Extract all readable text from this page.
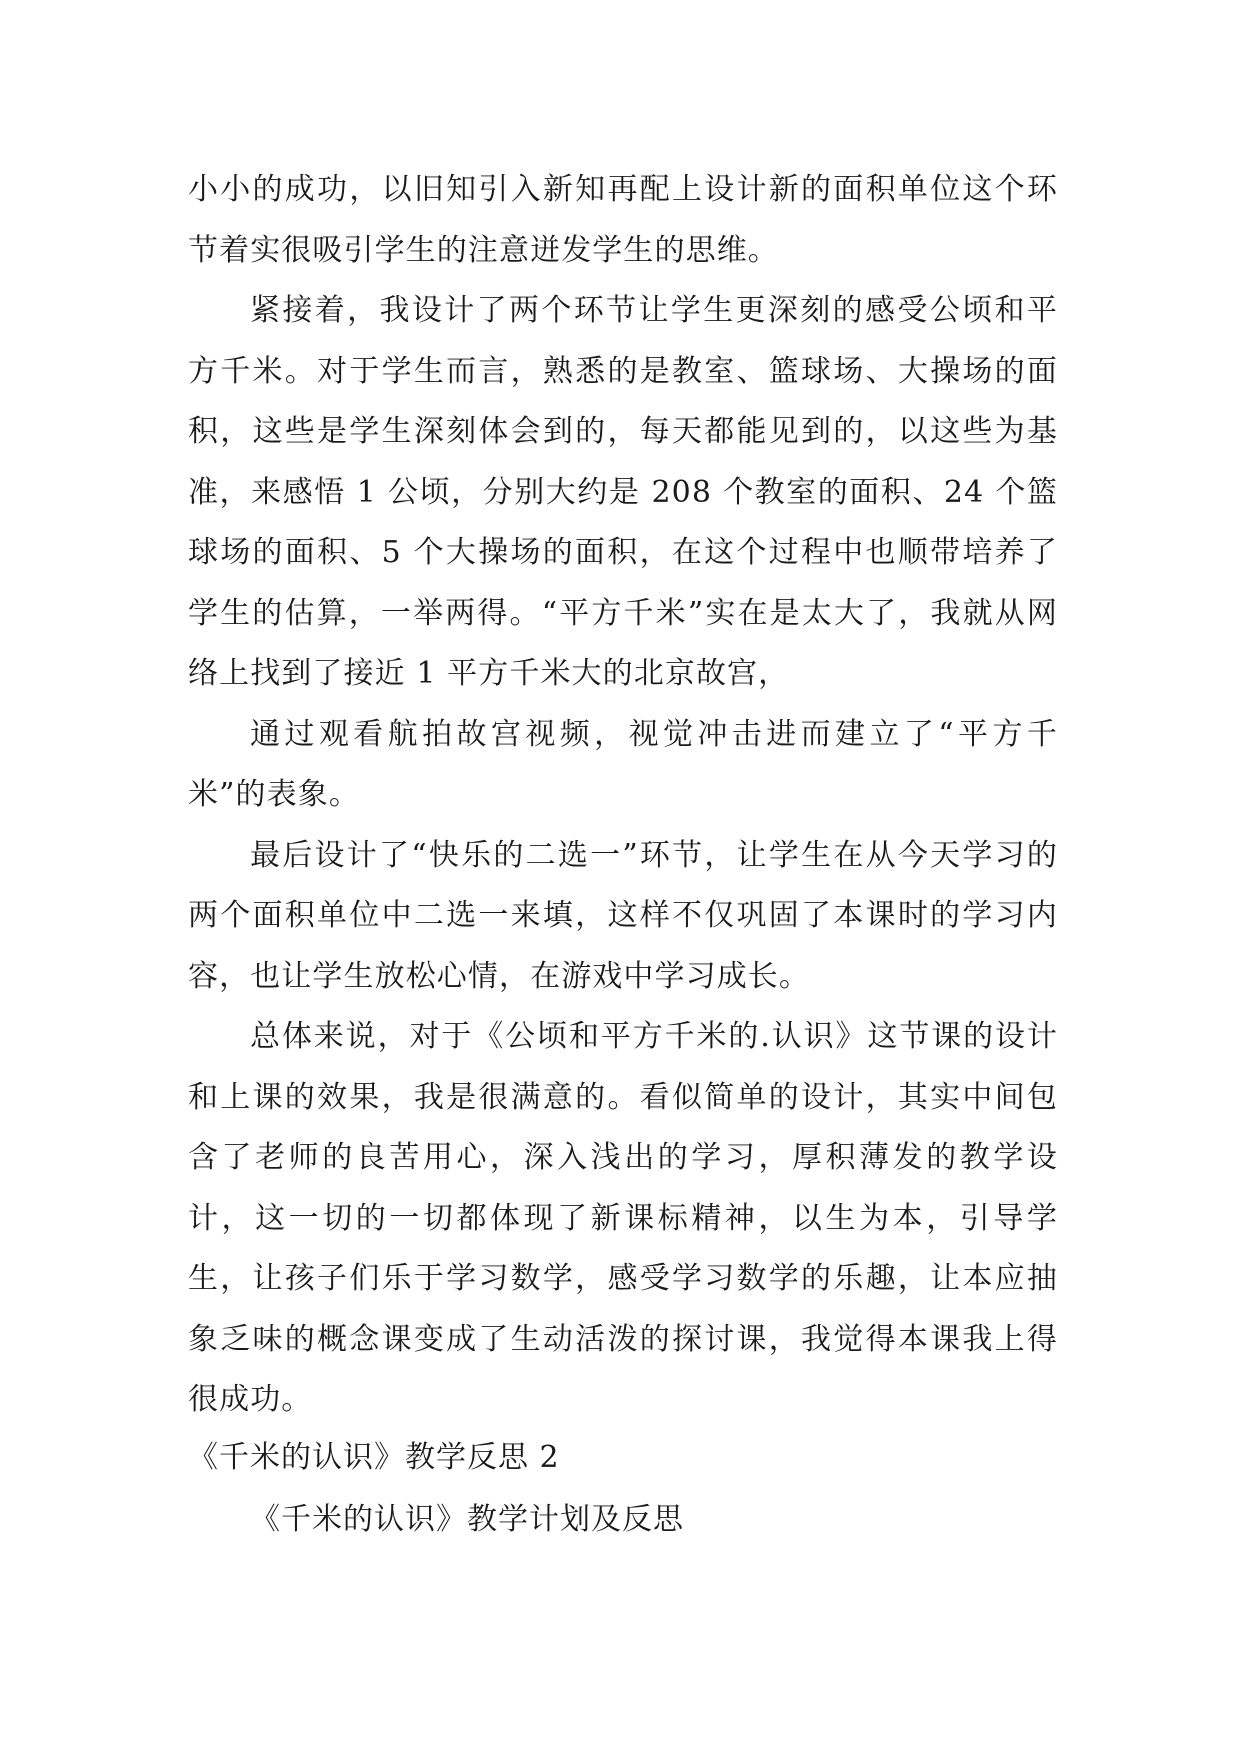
小小的成功，以旧知引入新知再配上设计新的面积单位这个环节着实很吸引学生的注意迸发学生的思维。

紧接着，我设计了两个环节让学生更深刻的感受公顷和平方千米。对于学生而言，熟悉的是教室、篮球场、大操场的面积，这些是学生深刻体会到的，每天都能见到的，以这些为基准，来感悟 1 公顷，分别大约是 208 个教室的面积、24 个篮球场的面积、5 个大操场的面积，在这个过程中也顺带培养了学生的估算，一举两得。“平方千米”实在是太大了，我就从网络上找到了接近 1 平方千米大的北京故宫，

通过观看航拍故宫视频，视觉冲击进而建立了“平方千米”的表象。

最后设计了“快乐的二选一”环节，让学生在从今天学习的两个面积单位中二选一来填，这样不仅巩固了本课时的学习内容，也让学生放松心情，在游戏中学习成长。

总体来说，对于《公顷和平方千米的.认识》这节课的设计和上课的效果，我是很满意的。看似简单的设计，其实中间包含了老师的良苦用心，深入浅出的学习，厚积薄发的教学设计，这一切的一切都体现了新课标精神，以生为本，引导学生，让孩子们乐于学习数学，感受学习数学的乐趣，让本应抽象乏味的概念课变成了生动活泼的探讨课，我觉得本课我上得很成功。

《千米的认识》教学反思 2
《千米的认识》教学计划及反思
